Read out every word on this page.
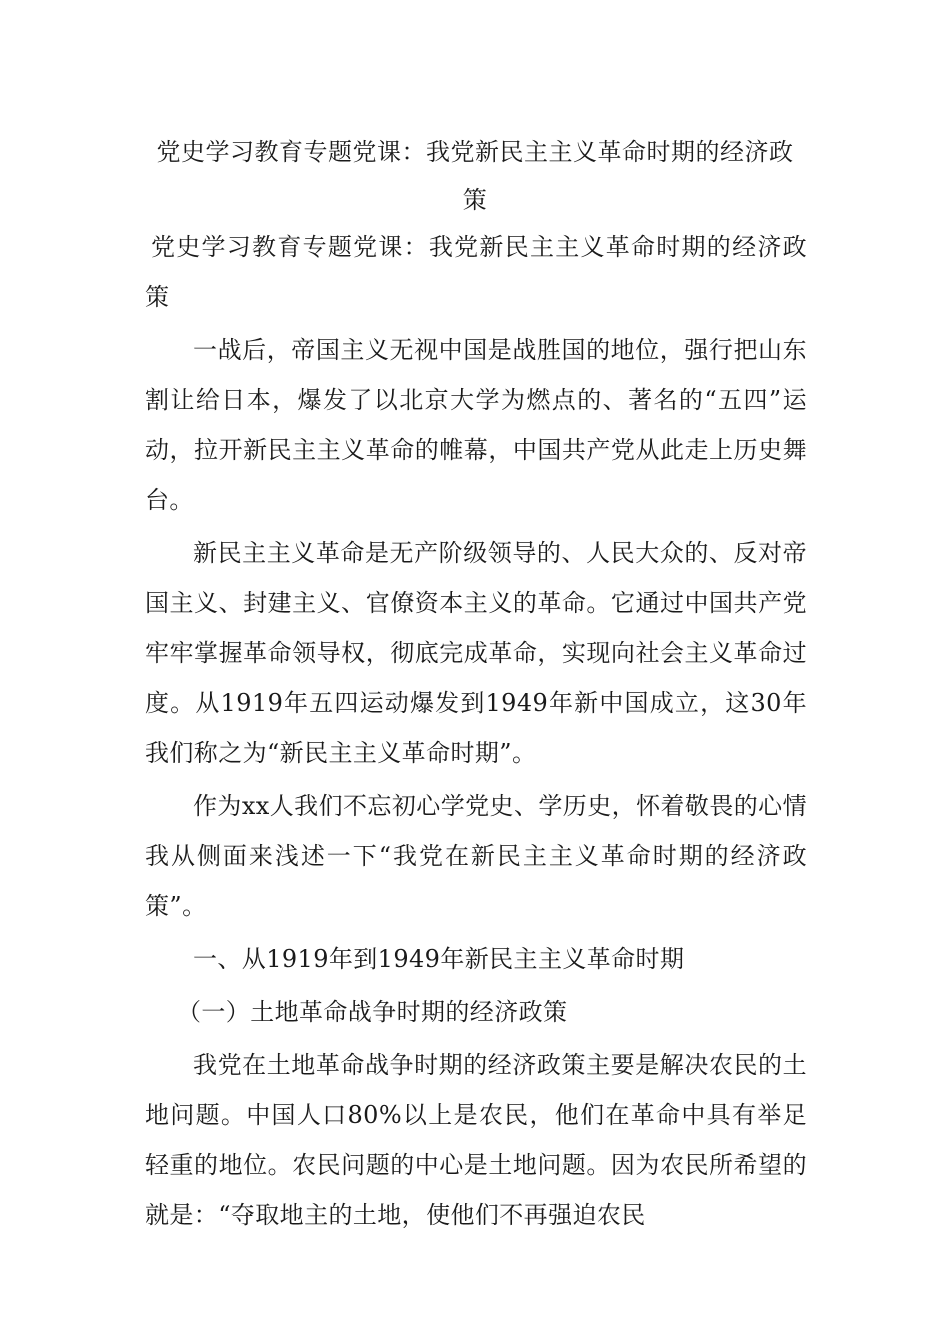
党史学习教育专题党课：我党新民主主义革命时期的经济政策

党史学习教育专题党课：我党新民主主义革命时期的经济政策

一战后，帝国主义无视中国是战胜国的地位，强行把山东割让给日本，爆发了以北京大学为燃点的、著名的“五四”运动，拉开新民主主义革命的帷幕，中国共产党从此走上历史舞台。

新民主主义革命是无产阶级领导的、人民大众的、反对帝国主义、封建主义、官僚资本主义的革命。它通过中国共产党牢牢掌握革命领导权，彻底完成革命，实现向社会主义革命过度。从1919年五四运动爆发到1949年新中国成立，这30年我们称之为“新民主主义革命时期”。

作为xx人我们不忘初心学党史、学历史，怀着敬畏的心情我从侧面来浅述一下“我党在新民主主义革命时期的经济政策”。

一、从1919年到1949年新民主主义革命时期

（一）土地革命战争时期的经济政策

我党在土地革命战争时期的经济政策主要是解决农民的土地问题。中国人口80%以上是农民，他们在革命中具有举足轻重的地位。农民问题的中心是土地问题。因为农民所希望的就是：“夺取地主的土地，使他们不再强迫农民
